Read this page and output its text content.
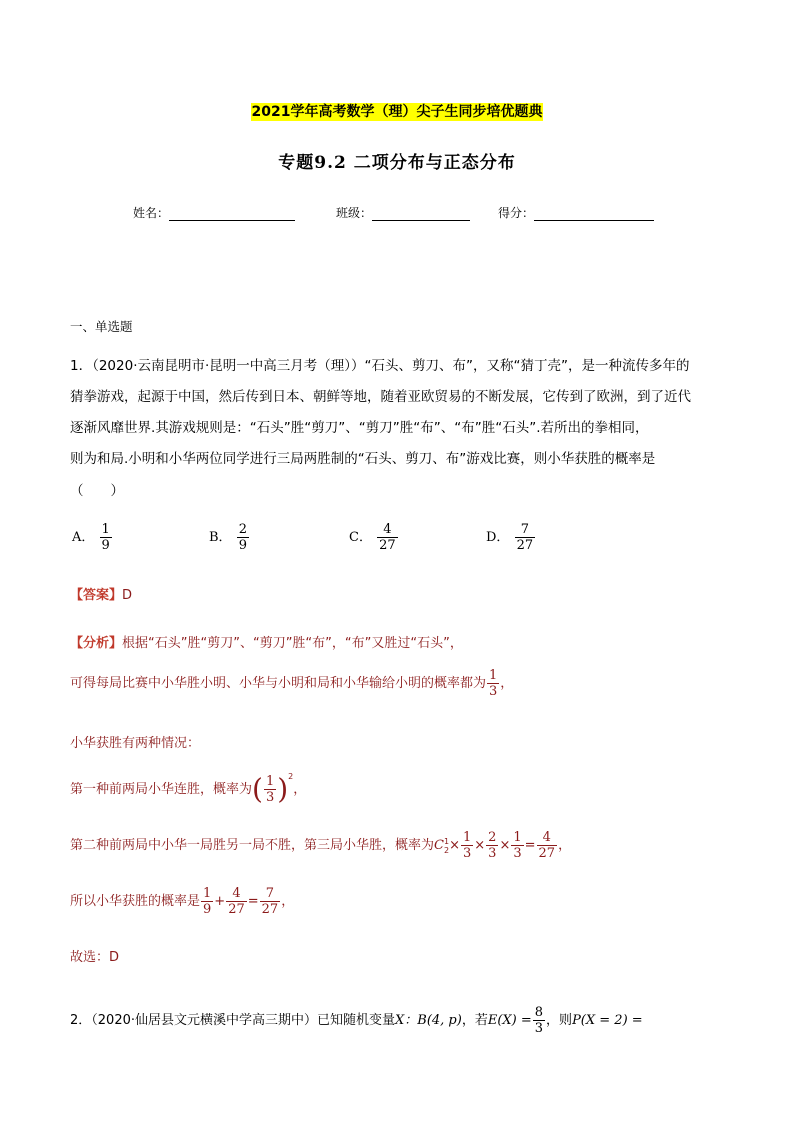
2021学年高考数学（理）尖子生同步培优题典
专题9.2 二项分布与正态分布
姓名：	班级：	得分：
一、单选题
1．（2020·云南昆明市·昆明一中高三月考（理））“石头、剪刀、布”，又称“猜丁壳”，是一种流传多年的
猜拳游戏，起源于中国，然后传到日本、朝鲜等地，随着亚欧贸易的不断发展，它传到了欧洲，到了近代
逐渐风靡世界.其游戏规则是：“石头”胜“剪刀”、“剪刀”胜“布”、“布”胜“石头”.若所出的拳相同，
则为和局.小明和小华两位同学进行三局两胜制的“石头、剪刀、布”游戏比赛，则小华获胜的概率是
（　　）
A． $\frac{1}{9}$	B． $\frac{2}{9}$	C． $\frac{4}{27}$	D． $\frac{7}{27}$
【答案】D
【分析】根据“石头”胜“剪刀”、“剪刀”胜“布”，“布”又胜过“石头”，
可得每局比赛中小华胜小明、小华与小明和局和小华输给小明的概率都为 $\frac{1}{3}$ ，
小华获胜有两种情况：
第一种前两局小华连胜，概率为( $\frac{1}{3} )^2$，
第二种前两局中小华一局胜另一局不胜，第三局小华胜，概率为C 1
$2 \times \frac{1}{3} \times \frac{2}{3} \times \frac{1}{3} = \frac{4}{27}$ ，
所以小华获胜的概率是 $\frac{1}{9} + \frac{4}{27} = \frac{7}{27}$ ，
故选：D
2．（2020·仙居县文元横溪中学高三期中）已知随机变量X：B(4, p)，若$E(X) = \frac{8}{3}$ ，则P(X = 2) =
